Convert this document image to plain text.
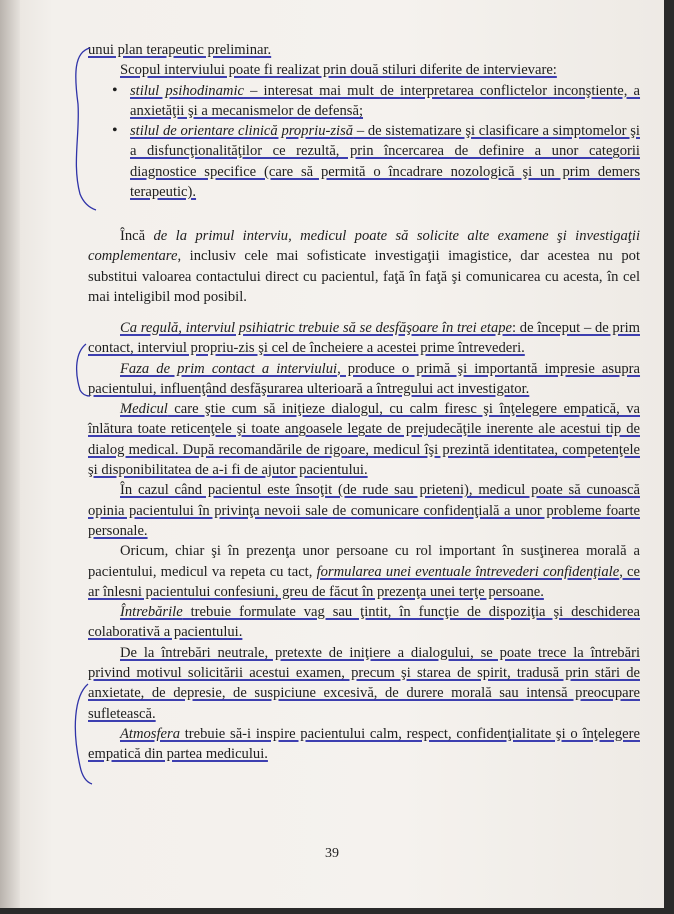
unui plan terapeutic preliminar.
Scopul interviului poate fi realizat prin două stiluri diferite de intervievare:
• stilul psihodinamic – interesat mai mult de interpretarea conflictelor inconştiente, a anxietăţii şi a mecanismelor de defensă;
• stilul de orientare clinică propriu-zisă – de sistematizare şi clasificare a simptomelor şi a disfuncţionalităţilor ce rezultă, prin încercarea de definire a unor categorii diagnostice specifice (care să permită o încadrare nozologică şi un prim demers terapeutic).
Încă de la primul interviu, medicul poate să solicite alte examene şi investigaţii complementare, inclusiv cele mai sofisticate investigaţii imagistice, dar acestea nu pot substitui valoarea contactului direct cu pacientul, faţă în faţă şi comunicarea cu acesta, în cel mai inteligibil mod posibil.

Ca regulă, interviul psihiatric trebuie să se desfăşoare în trei etape: de început – de prim contact, interviul propriu-zis şi cel de încheiere a acestei prime întrevederi.

Faza de prim contact a interviului, produce o primă şi importantă impresie asupra pacientului, influenţând desfăşurarea ulterioară a întregului act investigator.

Medicul care ştie cum să iniţieze dialogul, cu calm firesc şi înţelegere empatică, va înlătura toate reticenţele şi toate angoasele legate de prejudecăţile inerente ale acestui tip de dialog medical. După recomandările de rigoare, medicul îşi prezintă identitatea, competenţele şi disponibilitatea de a-i fi de ajutor pacientului.

În cazul când pacientul este însoţit (de rude sau prieteni), medicul poate să cunoască opinia pacientului în privinţa nevoii sale de comunicare confidenţială a unor probleme foarte personale.

Oricum, chiar şi în prezenţa unor persoane cu rol important în susţinerea morală a pacientului, medicul va repeta cu tact, formularea unei eventuale întrevederi confidenţiale, ce ar înlesni pacientului confesiuni, greu de făcut în prezenţa unei terţe persoane.

Întrebările trebuie formulate vag sau ţintit, în funcţie de dispoziţia şi deschiderea colaborativă a pacientului.

De la întrebări neutrale, pretexte de iniţiere a dialogului, se poate trece la întrebări privind motivul solicitării acestui examen, precum şi starea de spirit, tradusă prin stări de anxietate, de depresie, de suspiciune excesivă, de durere morală sau intensă preocupare sufletească.

Atmosfera trebuie să-i inspire pacientului calm, respect, confidenţialitate şi o înţelegere empatică din partea medicului.

39
